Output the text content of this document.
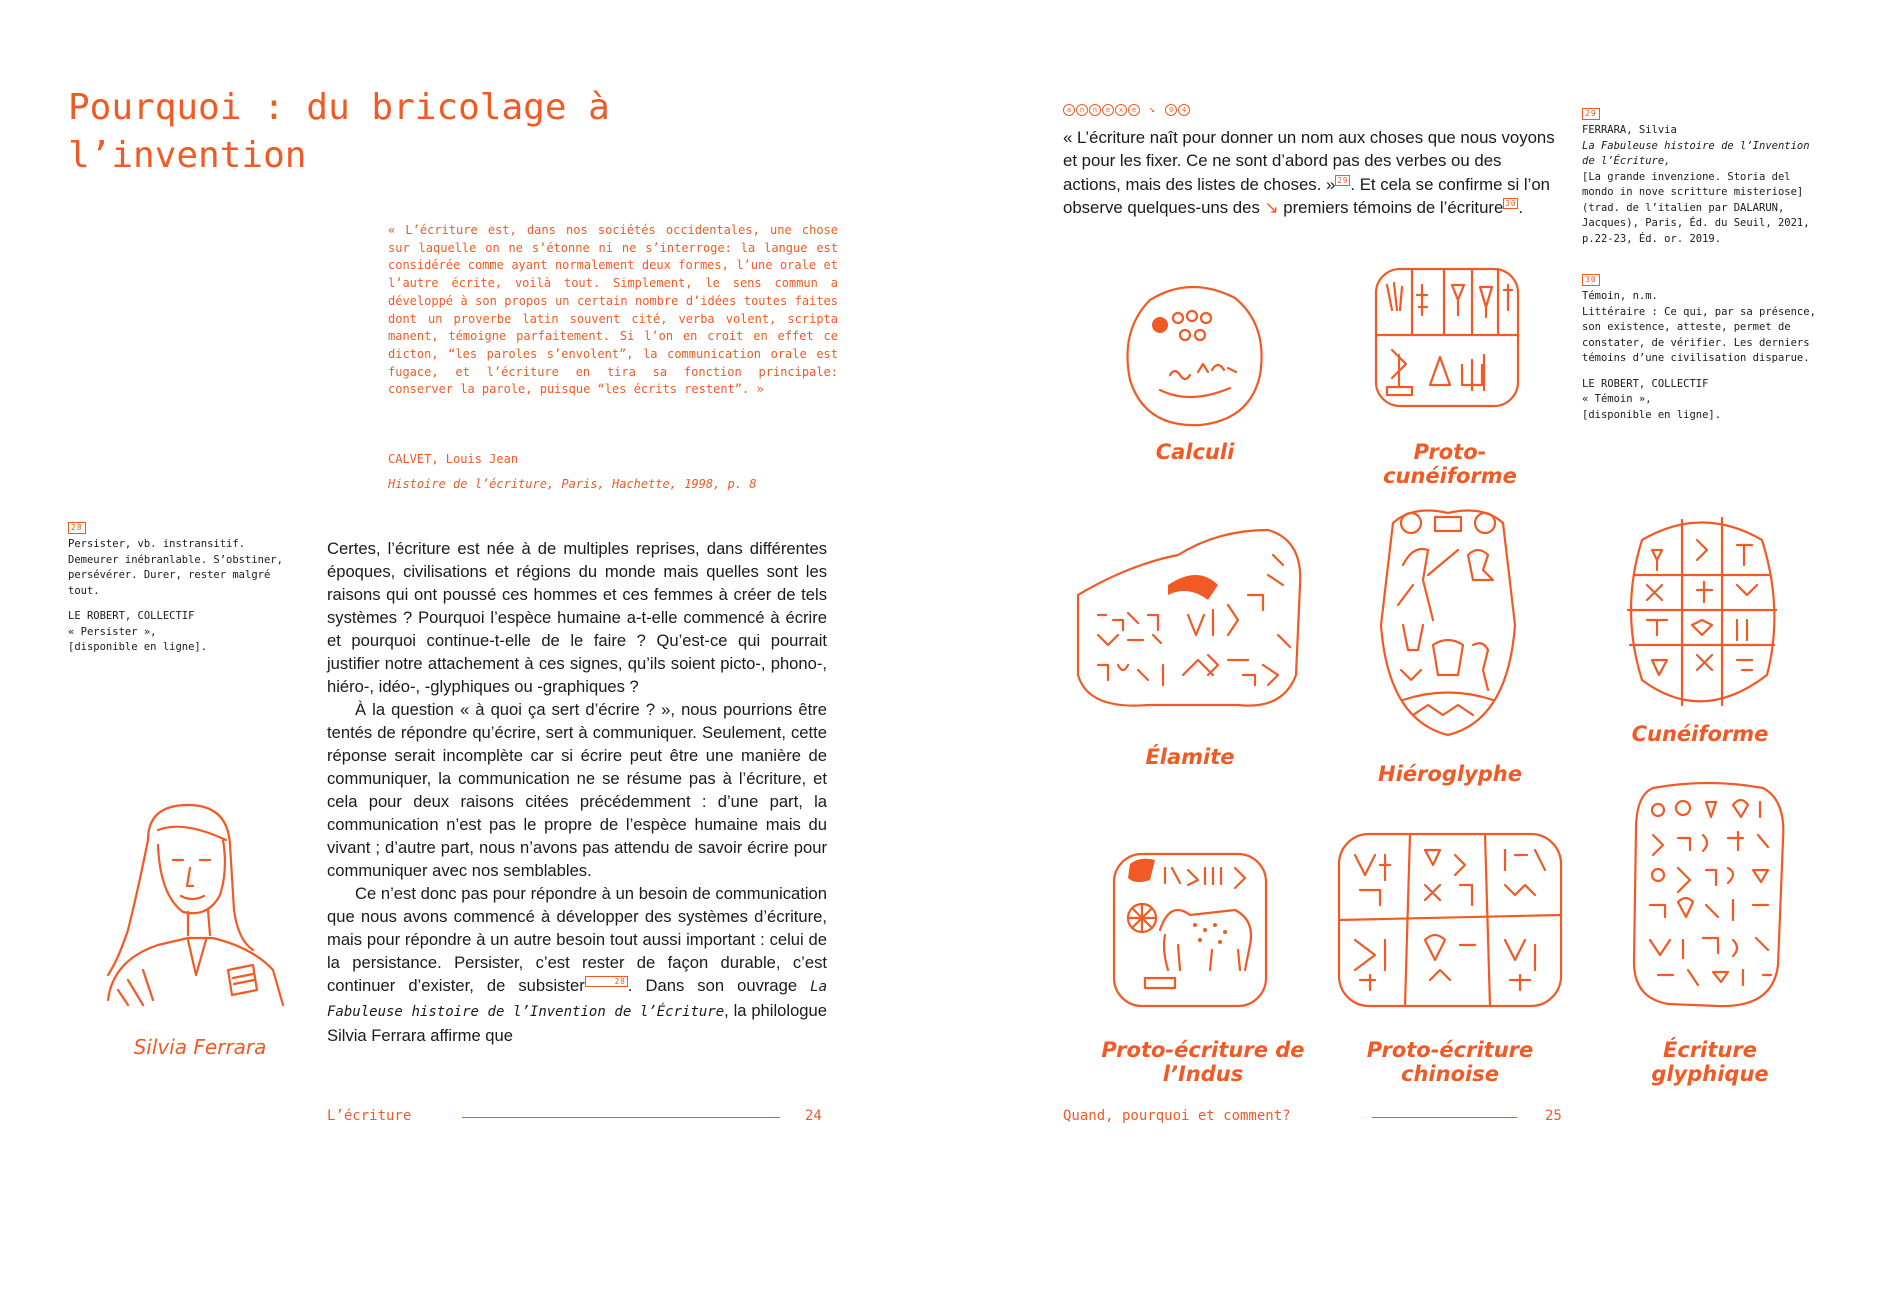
Pourquoi : du bricolage à l’invention

« L’écriture est, dans nos sociétés occidentales, une chose sur laquelle on ne s’étonne ni ne s’interroge: la langue est considérée comme ayant normalement deux formes, l’une orale et l’autre écrite, voilà tout. Simplement, le sens commun a développé à son propos un certain nombre d’idées toutes faites dont un proverbe latin souvent cité, verba volent, scripta manent, témoigne parfaitement. Si l’on en croit en effet ce dicton, “les paroles s’envolent”, la communication orale est fugace, et l’écriture en tira sa fonction principale: conserver la parole, puisque “les écrits restent”. »

CALVET, Louis Jean
Histoire de l’écriture, Paris, Hachette, 1998, p. 8
28

Persister, vb. instransitif. Demeurer inébranlable. S’obstiner, persévérer. Durer, rester malgré tout.

LE ROBERT, COLLECTIF

« Persister »,

[disponible en ligne].

Silvia Ferrara

Certes, l’écriture est née à de multiples reprises, dans différentes époques, civilisations et régions du monde mais quelles sont les raisons qui ont poussé ces hommes et ces femmes à créer de tels systèmes ? Pourquoi l’espèce humaine a-t-elle commencé à écrire et pourquoi continue-t-elle de le faire ? Qu’est-ce qui pourrait justifier notre attachement à ces signes, qu’ils soient picto-, phono-, hiéro-, idéo-, -glyphiques ou -graphiques ?

À la question « à quoi ça sert d’écrire ? », nous pourrions être tentés de répondre qu’écrire, sert à communiquer. Seulement, cette réponse serait incomplète car si écrire peut être une manière de communiquer, la communication ne se résume pas à l’écriture, et cela pour deux raisons citées précédemment : d’une part, la communication n’est pas le propre de l’espèce humaine mais du vivant ; d’autre part, nous n’avons pas attendu de savoir écrire pour communiquer avec nos semblables.

Ce n’est donc pas pour répondre à un besoin de communication que nous avons commencé à développer des systèmes d’écriture, mais pour répondre à un autre besoin tout aussi important : celui de la persistance. Persister, c’est rester de façon durable, c’est continuer d’exister, de subsister	28 . Dans son ouvrage La Fabuleuse histoire de l’Invention de l’Écriture, la philologue Silvia Ferrara affirme que

L’écriture	24
a n n e x e ↘ 0 4

« L’écriture naît pour donner un nom aux choses que nous voyons et pour les fixer. Ce ne sont d’abord pas des verbes ou des actions, mais des listes de choses. » 29 . Et cela se confirme si l’on observe quelques-uns des ↘ premiers témoins de l’écriture 30 .

29

FERRARA, Silvia

La Fabuleuse histoire de l’Invention de l’Écriture,

[La grande invenzione. Storia del mondo in nove scritture misteriose] (trad. de l’italien par DALARUN, Jacques), Paris, Éd. du Seuil, 2021, p.22-23, Éd. or. 2019.

30

Témoin, n.m.

Littéraire : Ce qui, par sa présence, son existence, atteste, permet de constater, de vérifier. Les derniers témoins d’une civilisation disparue.

LE ROBERT, COLLECTIF

« Témoin »,

[disponible en ligne].

Calculi	Proto-cunéiforme
Élamite
Hiéroglyphe
Cunéiforme
Proto-écriture de l’Indus
Proto-écriture chinoise
Écriture glyphique
Quand, pourquoi et comment?	25
